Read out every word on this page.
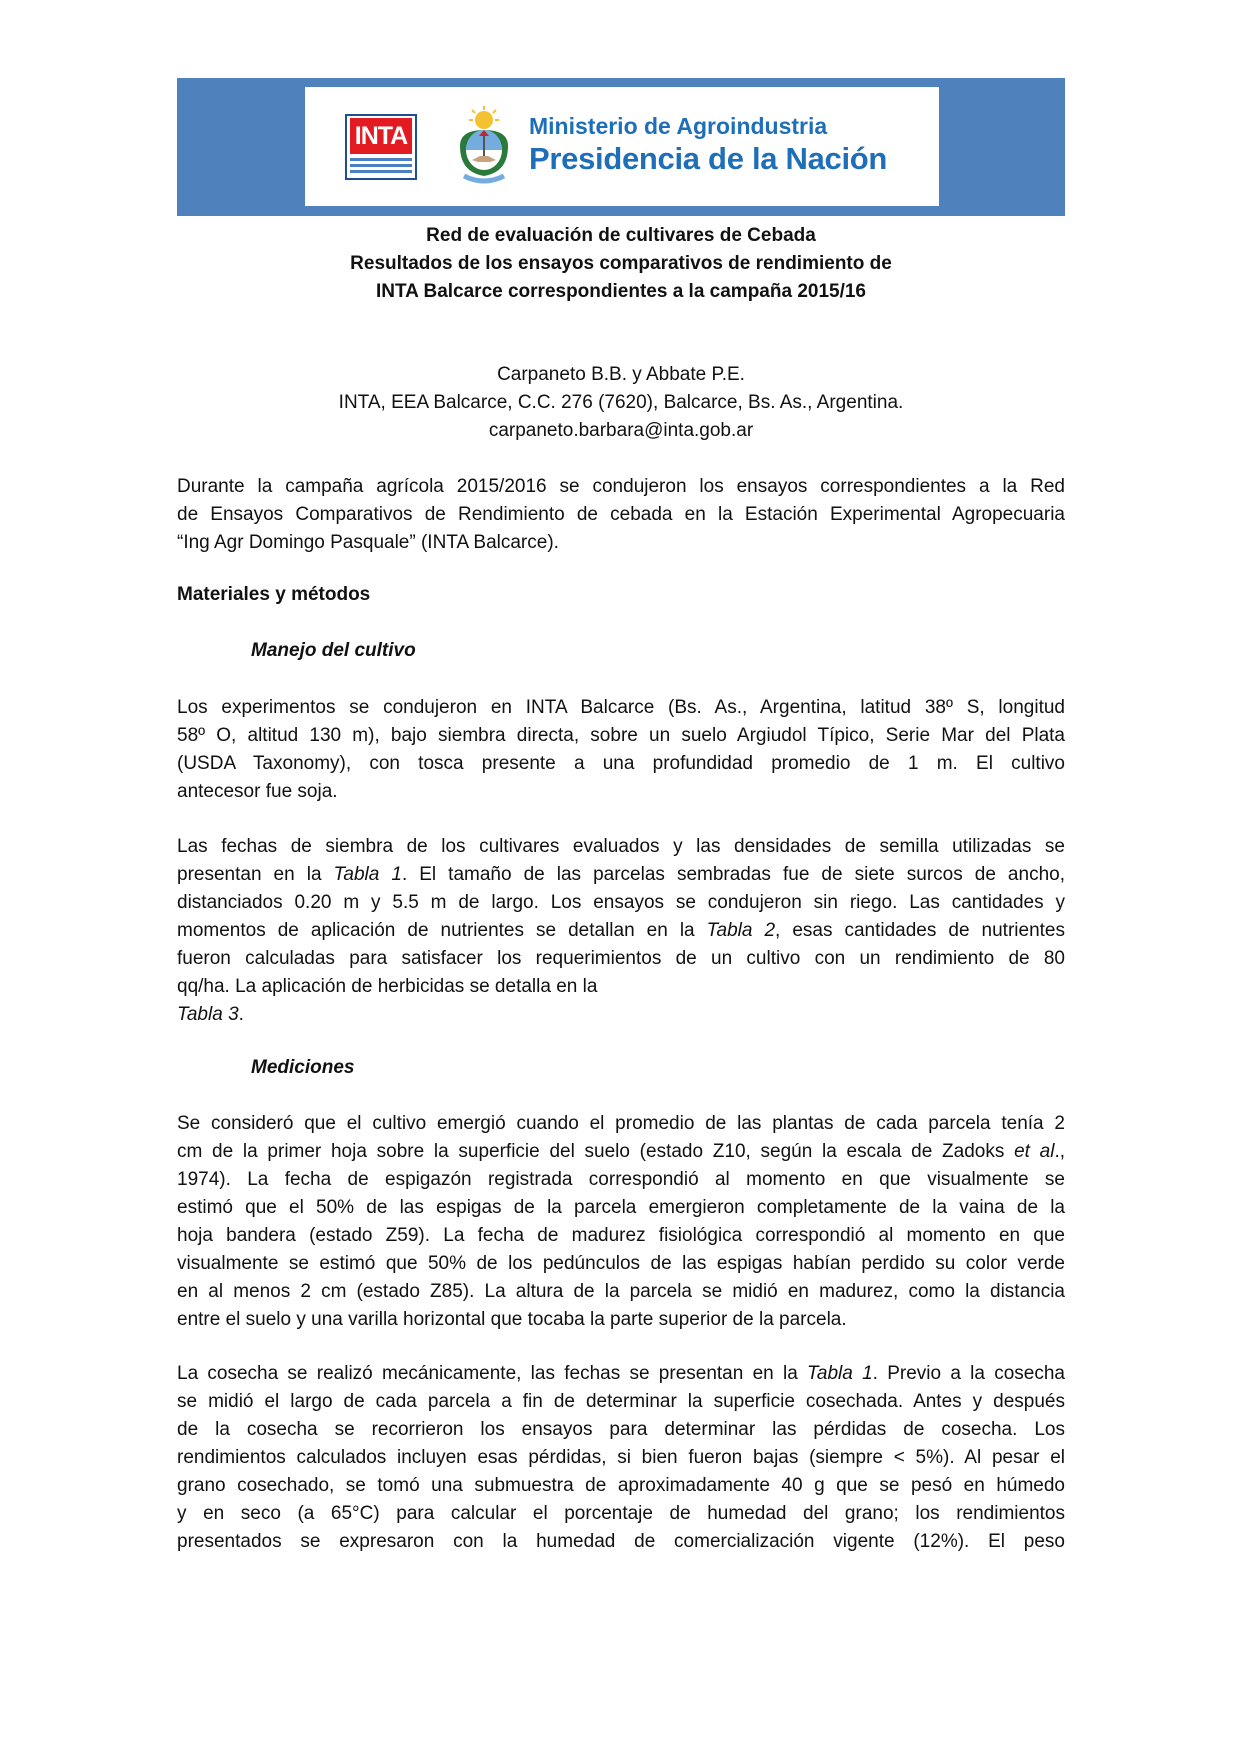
INTA	Ministerio de Agroindustria
Presidencia de la Nación
Red de evaluación de cultivares de Cebada
Resultados de los ensayos comparativos de rendimiento de
INTA Balcarce correspondientes a la campaña 2015/16
Carpaneto B.B. y Abbate P.E.
INTA, EEA Balcarce, C.C. 276 (7620), Balcarce, Bs. As., Argentina.
carpaneto.barbara@inta.gob.ar
Durante la campaña agrícola 2015/2016 se condujeron los ensayos correspondientes a la Red
de Ensayos Comparativos de Rendimiento de cebada en la Estación Experimental Agropecuaria
“Ing Agr Domingo Pasquale” (INTA Balcarce).
Materiales y métodos
Manejo del cultivo
Los experimentos se condujeron en INTA Balcarce (Bs. As., Argentina, latitud 38º S, longitud
58º O, altitud 130 m), bajo siembra directa, sobre un suelo Argiudol Típico, Serie Mar del Plata
(USDA Taxonomy), con tosca presente a una profundidad promedio de 1 m. El cultivo
antecesor fue soja.
Las fechas de siembra de los cultivares evaluados y las densidades de semilla utilizadas se
presentan en la Tabla 1. El tamaño de las parcelas sembradas fue de siete surcos de ancho,
distanciados 0.20 m y 5.5 m de largo. Los ensayos se condujeron sin riego. Las cantidades y
momentos de aplicación de nutrientes se detallan en la Tabla 2, esas cantidades de nutrientes
fueron calculadas para satisfacer los requerimientos de un cultivo con un rendimiento de 80
qq/ha. La aplicación de herbicidas se detalla en la
Tabla 3.
Mediciones
Se consideró que el cultivo emergió cuando el promedio de las plantas de cada parcela tenía 2
cm de la primer hoja sobre la superficie del suelo (estado Z10, según la escala de Zadoks et al.,
1974). La fecha de espigazón registrada correspondió al momento en que visualmente se
estimó que el 50% de las espigas de la parcela emergieron completamente de la vaina de la
hoja bandera (estado Z59). La fecha de madurez fisiológica correspondió al momento en que
visualmente se estimó que 50% de los pedúnculos de las espigas habían perdido su color verde
en al menos 2 cm (estado Z85). La altura de la parcela se midió en madurez, como la distancia
entre el suelo y una varilla horizontal que tocaba la parte superior de la parcela.
La cosecha se realizó mecánicamente, las fechas se presentan en la Tabla 1. Previo a la cosecha
se midió el largo de cada parcela a fin de determinar la superficie cosechada. Antes y después
de la cosecha se recorrieron los ensayos para determinar las pérdidas de cosecha. Los
rendimientos calculados incluyen esas pérdidas, si bien fueron bajas (siempre < 5%). Al pesar el
grano cosechado, se tomó una submuestra de aproximadamente 40 g que se pesó en húmedo
y en seco (a 65°C) para calcular el porcentaje de humedad del grano; los rendimientos
presentados se expresaron con la humedad de comercialización vigente (12%). El peso
